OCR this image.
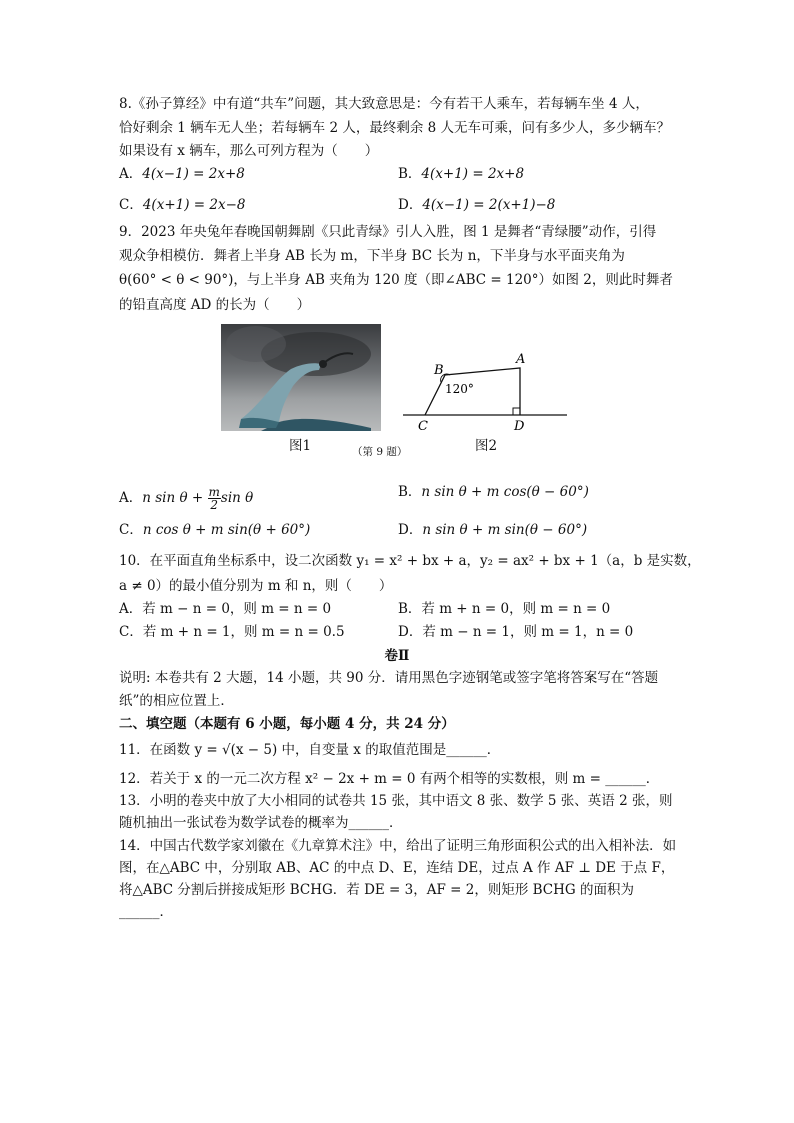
8.《孙子算经》中有道“共车”问题，其大致意思是：今有若干人乘车，若每辆车坐 4 人，
恰好剩余 1 辆车无人坐；若每辆车 2 人，最终剩余 8 人无车可乘，问有多少人，多少辆车？
如果设有 x 辆车，那么可列方程为（　　）
A．4(x−1) = 2x+8	B．4(x+1) = 2x+8
C．4(x+1) = 2x−8	D．4(x−1) = 2(x+1)−8
9．2023 年央兔年春晚国朝舞剧《只此青绿》引人入胜，图 1 是舞者“青绿腰”动作，引得
观众争相模仿．舞者上半身 AB 长为 m，下半身 BC 长为 n，下半身与水平面夹角为
θ(60° < θ < 90°)，与上半身 AB 夹角为 120 度（即∠ABC = 120°）如图 2，则此时舞者
的铅直高度 AD 的长为（　　）
图1	（第 9 题）
B
A
C	D
120°
图2
A．n $\sin \theta + \frac{m}{2}$ sin θ	B．n sin θ + m cos(θ − 60°)
C．n cos θ + m sin(θ + 60°)	D．n sin θ + m sin(θ − 60°)
10．在平面直角坐标系中，设二次函数 y₁ = x² + bx + a，y₂ = ax² + bx + 1（a，b 是实数，
a ≠ 0）的最小值分别为 m 和 n，则（　　）
A．若 m − n = 0，则 m = n = 0	B．若 m + n = 0，则 m = n = 0
C．若 m + n = 1，则 m = n = 0.5	D．若 m − n = 1，则 m = 1，n = 0
卷Ⅱ
说明: 本卷共有 2 大题，14 小题，共 90 分．请用黑色字迹钢笔或签字笔将答案写在“答题
纸”的相应位置上．
二、填空题（本题有 6 小题，每小题 4 分，共 24 分）
11．在函数 y = √(x − 5) 中，自变量 x 的取值范围是______．
12．若关于 x 的一元二次方程 x² − 2x + m = 0 有两个相等的实数根，则 m = ______．
13．小明的卷夹中放了大小相同的试卷共 15 张，其中语文 8 张、数学 5 张、英语 2 张，则
随机抽出一张试卷为数学试卷的概率为______．
14．中国古代数学家刘徽在《九章算术注》中，给出了证明三角形面积公式的出入相补法．如
图，在△ABC 中，分别取 AB、AC 的中点 D、E，连结 DE，过点 A 作 AF ⊥ DE 于点 F，
将△ABC 分割后拼接成矩形 BCHG．若 DE = 3，AF = 2，则矩形 BCHG 的面积为
______．
